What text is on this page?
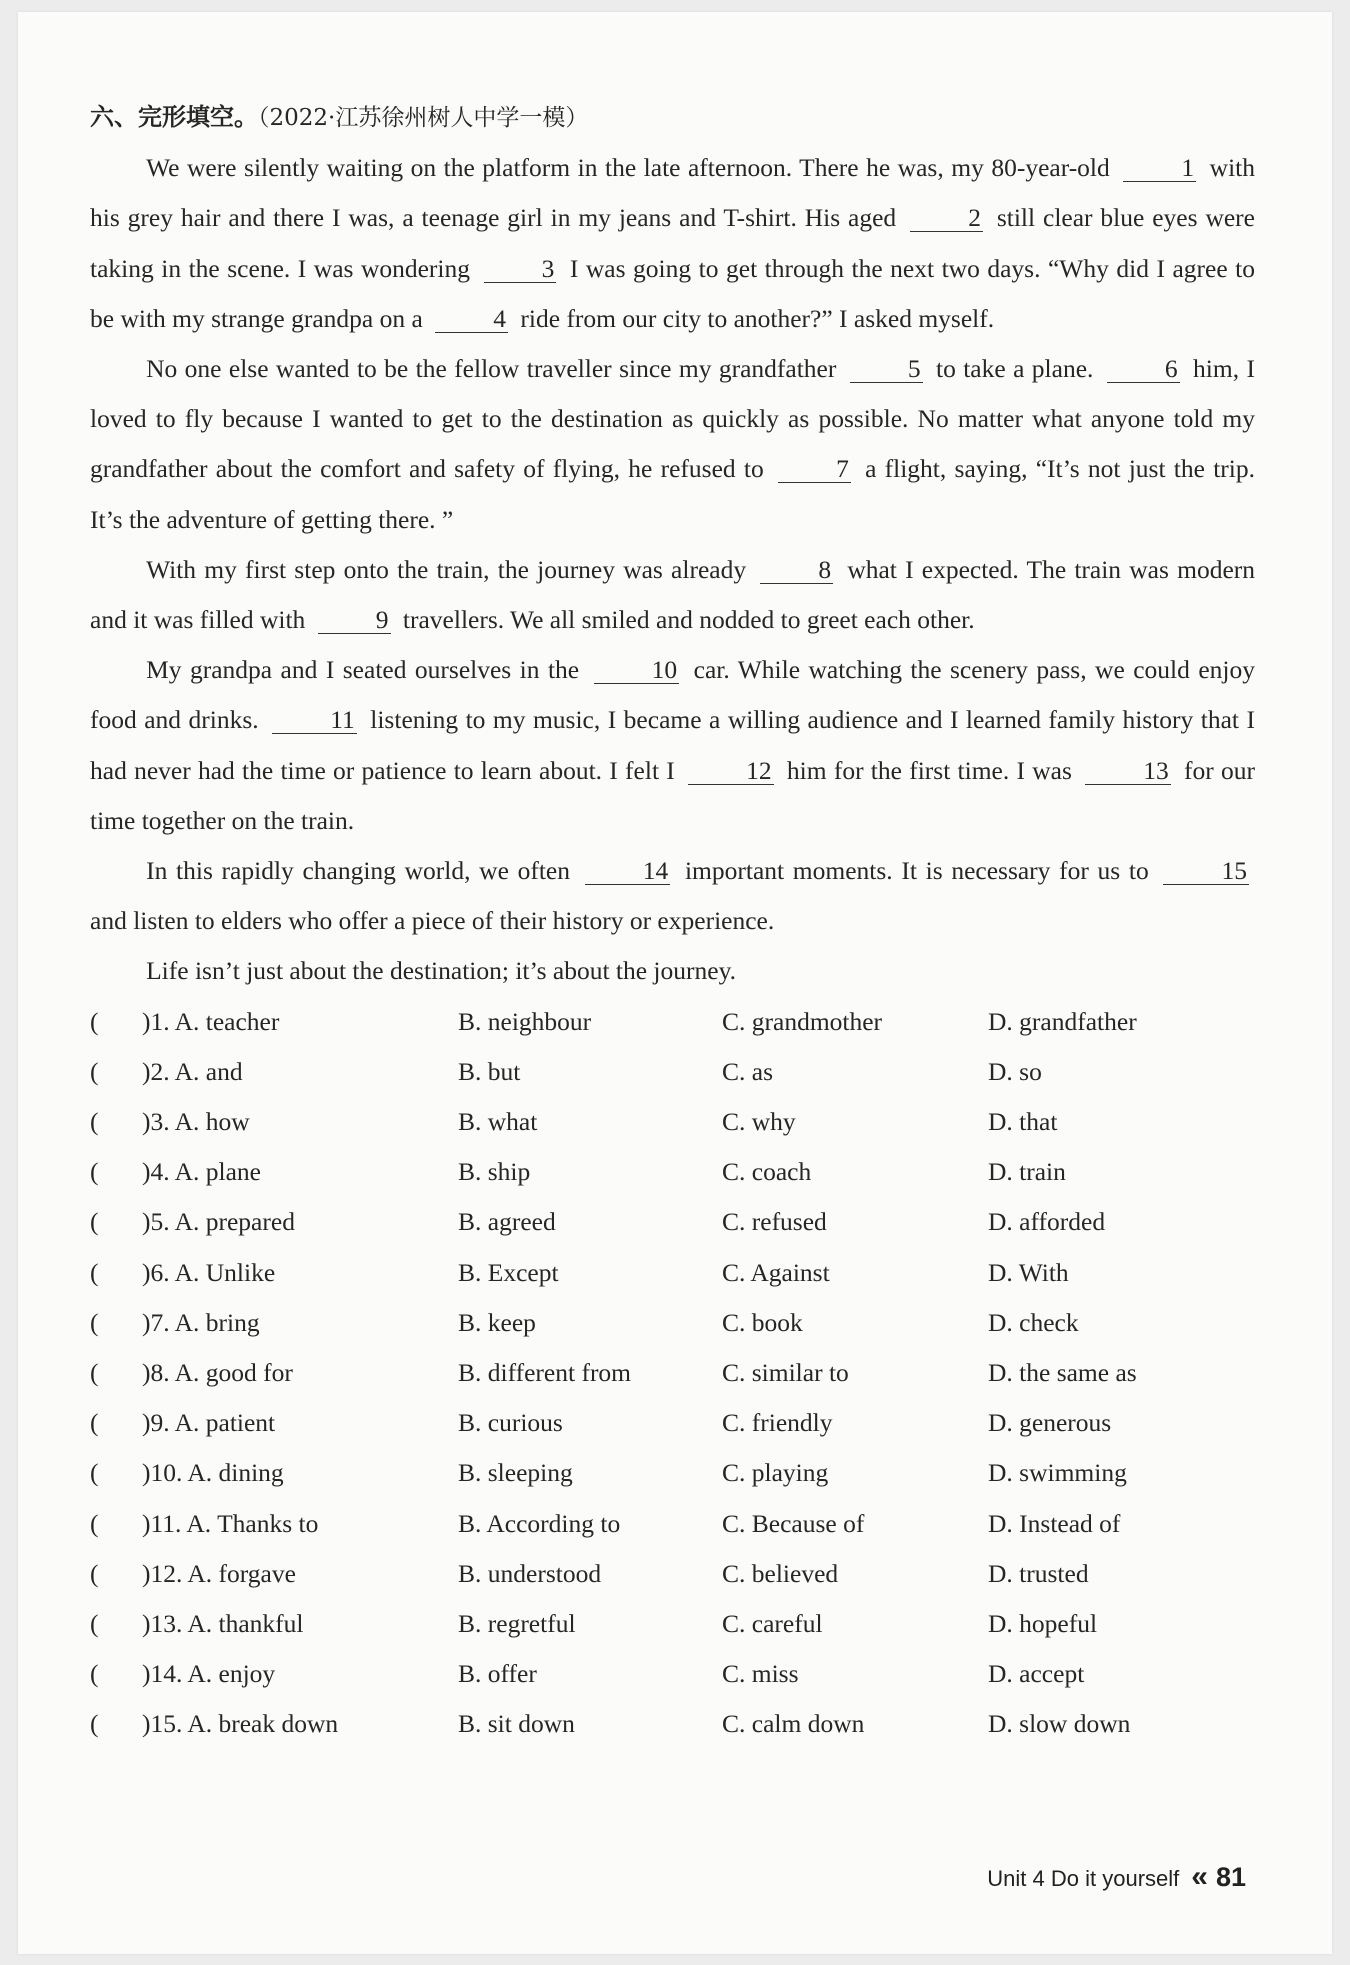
六、完形填空。（2022·江苏徐州树人中学一模）

We were silently waiting on the platform in the late afternoon. There he was, my 80-year-old	1 with his grey hair and there I was, a teenage girl in my jeans and T-shirt. His aged	2 still clear blue eyes were taking in the scene. I was wondering	3 I was going to get through the next two days. “Why did I agree to be with my strange grandpa on a	4 ride from our city to another?” I asked myself.

No one else wanted to be the fellow traveller since my grandfather	5 to take a plane.	6 him, I loved to fly because I wanted to get to the destination as quickly as possible. No matter what anyone told my grandfather about the comfort and safety of flying, he refused to	7 a flight, saying, “It’s not just the trip. It’s the adventure of getting there. ”

With my first step onto the train, the journey was already	8 what I expected. The train was modern and it was filled with	9 travellers. We all smiled and nodded to greet each other.

My grandpa and I seated ourselves in the	10 car. While watching the scenery pass, we could enjoy food and drinks.	11 listening to my music, I became a willing audience and I learned family history that I had never had the time or patience to learn about. I felt I	12 him for the first time. I was	13 for our time together on the train.

In this rapidly changing world, we often	14 important moments. It is necessary for us to	15 and listen to elders who offer a piece of their history or experience.

Life isn’t just about the destination; it’s about the journey.

( )1. A. teacher	B. neighbour	C. grandmother	D. grandfather
( )2. A. and	B. but	C. as	D. so
( )3. A. how	B. what	C. why	D. that
( )4. A. plane	B. ship	C. coach	D. train
( )5. A. prepared	B. agreed	C. refused	D. afforded
( )6. A. Unlike	B. Except	C. Against	D. With
( )7. A. bring	B. keep	C. book	D. check
( )8. A. good for	B. different from	C. similar to	D. the same as
( )9. A. patient	B. curious	C. friendly	D. generous
( )10. A. dining	B. sleeping	C. playing	D. swimming
( )11. A. Thanks to	B. According to	C. Because of	D. Instead of
( )12. A. forgave	B. understood	C. believed	D. trusted
( )13. A. thankful	B. regretful	C. careful	D. hopeful
( )14. A. enjoy	B. offer	C. miss	D. accept
( )15. A. break down	B. sit down	C. calm down	D. slow down
Unit 4 Do it yourself « 81
